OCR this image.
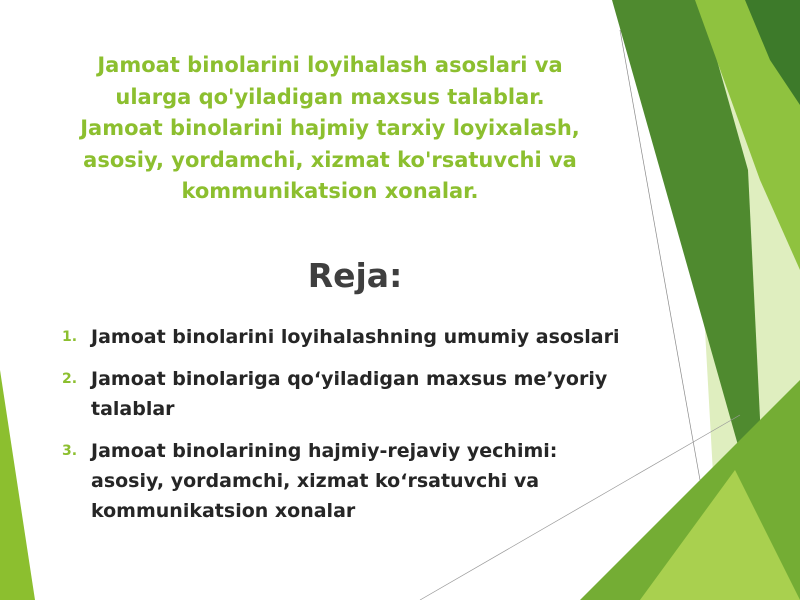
Jamoat binolarini loyihalash asoslari va
ularga qo'yiladigan maxsus talablar.
Jamoat binolarini hajmiy tarxiy loyixalash,
asosiy, yordamchi, xizmat ko'rsatuvchi va
kommunikatsion xonalar.
Reja:
1. Jamoat binolarini loyihalashning umumiy asoslari
2. Jamoat binolariga qo‘yiladigan maxsus me’yoriy
talablar
3. Jamoat binolarining hajmiy-rejaviy yechimi:
asosiy, yordamchi, xizmat ko‘rsatuvchi va
kommunikatsion xonalar
